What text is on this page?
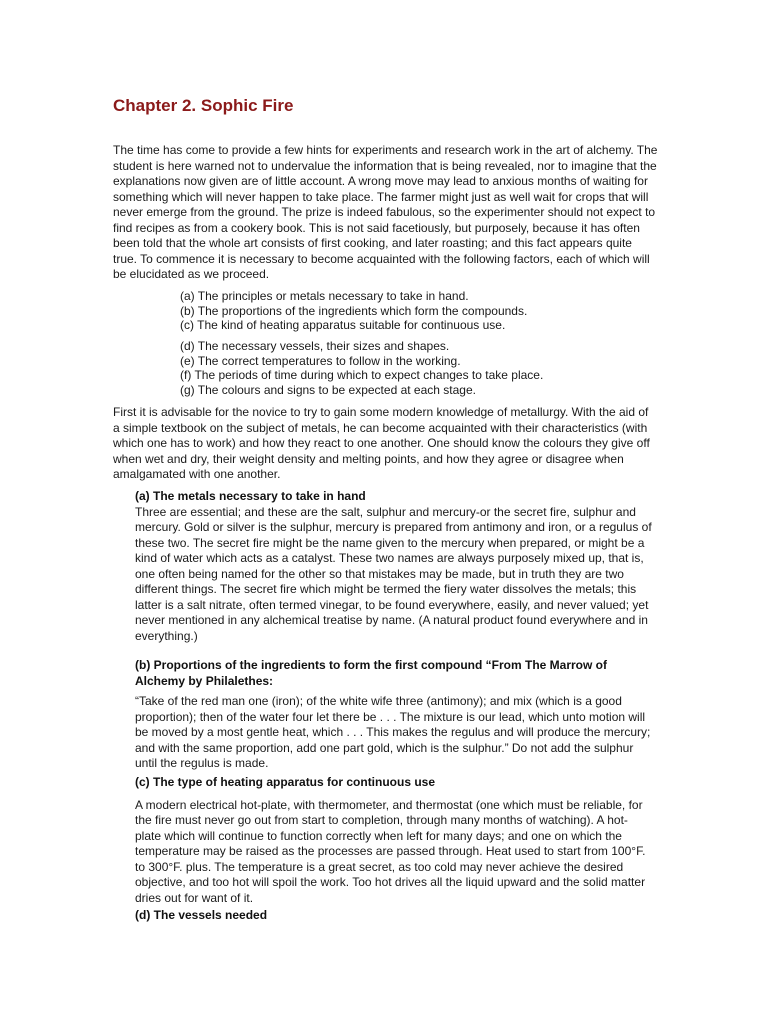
Chapter 2. Sophic Fire

The time has come to provide a few hints for experiments and research work in the art of alchemy. The student is here warned not to undervalue the information that is being revealed, nor to imagine that the explanations now given are of little account. A wrong move may lead to anxious months of waiting for something which will never happen to take place. The farmer might just as well wait for crops that will never emerge from the ground. The prize is indeed fabulous, so the experimenter should not expect to find recipes as from a cookery book. This is not said facetiously, but purposely, because it has often been told that the whole art consists of first cooking, and later roasting; and this fact appears quite true. To commence it is necessary to become acquainted with the following factors, each of which will be elucidated as we proceed.

(a) The principles or metals necessary to take in hand.
(b) The proportions of the ingredients which form the compounds.
(c) The kind of heating apparatus suitable for continuous use.
(d) The necessary vessels, their sizes and shapes.
(e) The correct temperatures to follow in the working.
(f) The periods of time during which to expect changes to take place.
(g) The colours and signs to be expected at each stage.

First it is advisable for the novice to try to gain some modern knowledge of metallurgy. With the aid of a simple textbook on the subject of metals, he can become acquainted with their characteristics (with which one has to work) and how they react to one another. One should know the colours they give off when wet and dry, their weight density and melting points, and how they agree or disagree when amalgamated with one another.

(a) The metals necessary to take in hand

Three are essential; and these are the salt, sulphur and mercury-or the secret fire, sulphur and mercury. Gold or silver is the sulphur, mercury is prepared from antimony and iron, or a regulus of these two. The secret fire might be the name given to the mercury when prepared, or might be a kind of water which acts as a catalyst. These two names are always purposely mixed up, that is, one often being named for the other so that mistakes may be made, but in truth they are two different things. The secret fire which might be termed the fiery water dissolves the metals; this latter is a salt nitrate, often termed vinegar, to be found everywhere, easily, and never valued; yet never mentioned in any alchemical treatise by name. (A natural product found everywhere and in everything.)

(b) Proportions of the ingredients to form the first compound “From The Marrow of Alchemy by Philalethes:

“Take of the red man one (iron); of the white wife three (antimony); and mix (which is a good proportion); then of the water four let there be . . . The mixture is our lead, which unto motion will be moved by a most gentle heat, which . . . This makes the regulus and will produce the mercury; and with the same proportion, add one part gold, which is the sulphur.” Do not add the sulphur until the regulus is made.

(c) The type of heating apparatus for continuous use

A modern electrical hot-plate, with thermometer, and thermostat (one which must be reliable, for the fire must never go out from start to completion, through many months of watching). A hot-plate which will continue to function correctly when left for many days; and one on which the temperature may be raised as the processes are passed through. Heat used to start from 100°F. to 300°F. plus. The temperature is a great secret, as too cold may never achieve the desired objective, and too hot will spoil the work. Too hot drives all the liquid upward and the solid matter dries out for want of it.

(d) The vessels needed
